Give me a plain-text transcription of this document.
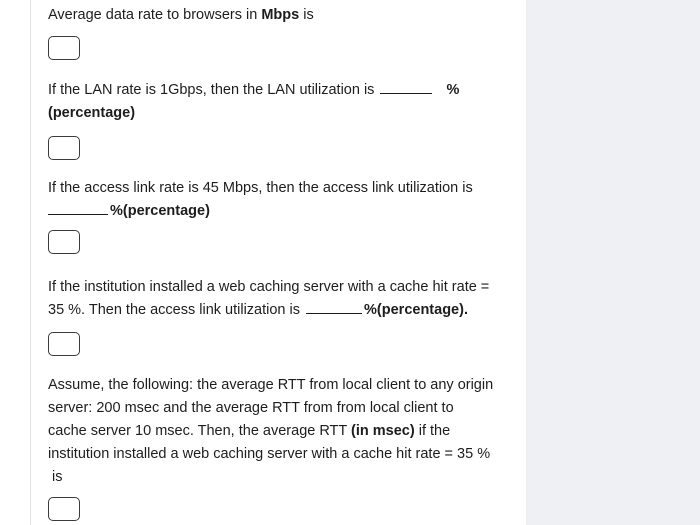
Average data rate to browsers in Mbps is

If the LAN rate is 1Gbps, then the LAN utilization is	%

(percentage)

If the access link rate is 45 Mbps, then the access link utilization is

%(percentage)

If the institution installed a web caching server with a cache hit rate =

35 %. Then the access link utilization is	%(percentage).

Assume, the following: the average RTT from local client to any origin

server: 200 msec and the average RTT from from local client to

cache server 10 msec. Then, the average RTT (in msec) if the

institution installed a web caching server with a cache hit rate = 35 %

is
